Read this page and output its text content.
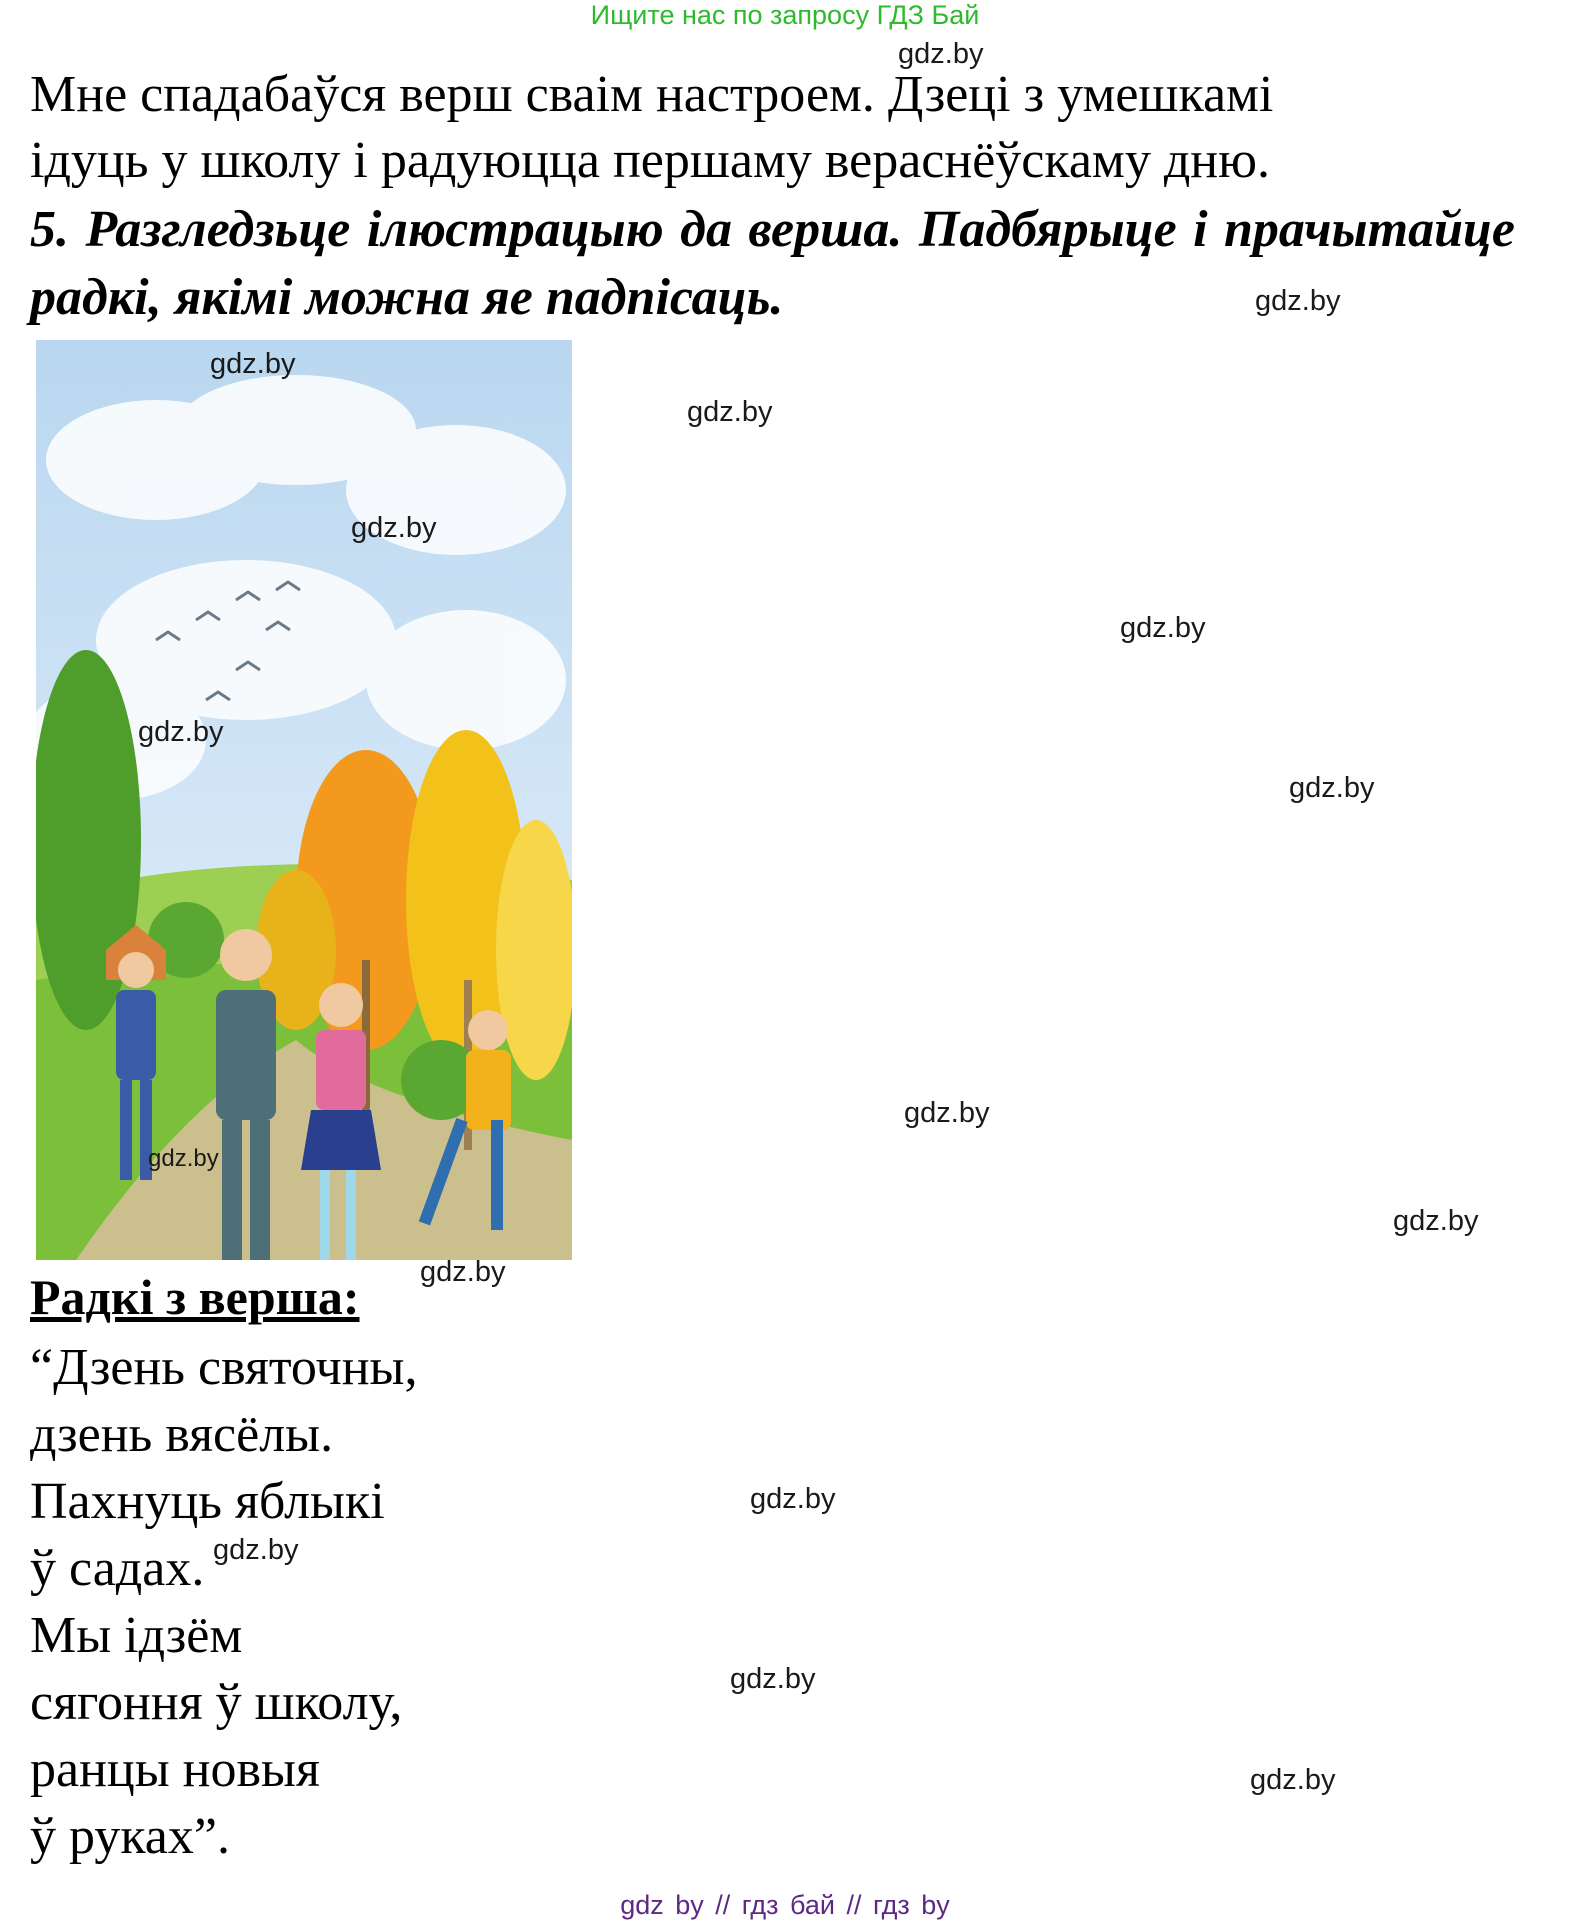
Ищите нас по запросу ГДЗ Бай
gdz.by
Мне спадабаўся верш сваім настроем. Дзеці з умешкамі
ідуць у школу і радуюцца першаму вераснёўскаму дню.
5. Разгледзьце ілюстрацыю да верша. Падбярыце і прачытайце радкі, якімі можна яе падпісаць.	gdz.by
gdz.by
gdz.by
gdz.by
gdz.by
gdz.by
gdz.by
gdz.by
gdz.by
gdz.by
Радкі з верша: gdz.by
“Дзень святочны,
дзень вясёлы.
Пахнуць яблыкі
ў садах.
Мы ідзём
сягоння ў школу,
ранцы новыя
ў руках”.
gdz.by
gdz.by
gdz.by
gdz.by
gdz by // гдз бай // гдз by
